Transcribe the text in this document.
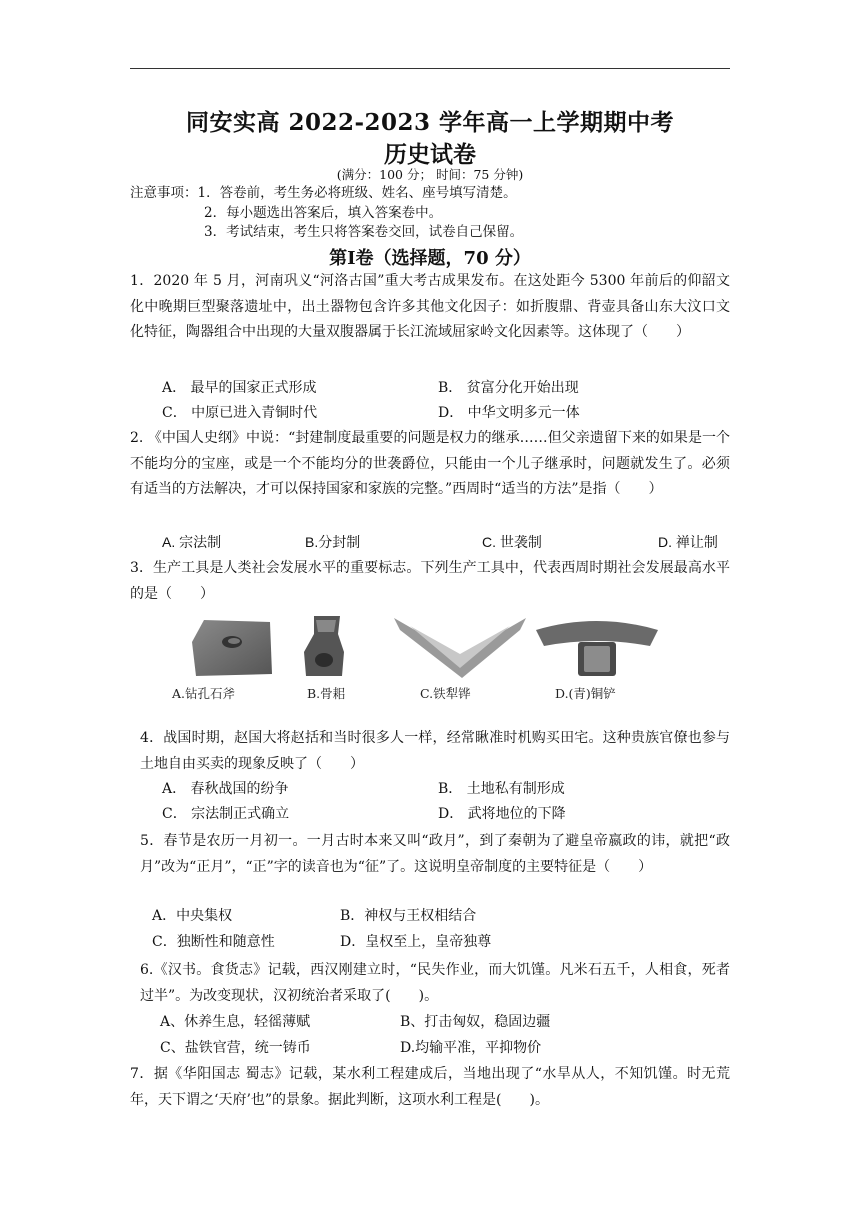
同安实高 2022-2023 学年高一上学期期中考
历史试卷
(满分：100 分； 时间：75 分钟)
注意事项：1．答卷前，考生务必将班级、姓名、座号填写清楚。
2．每小题选出答案后，填入答案卷中。
3．考试结束，考生只将答案卷交回，试卷自己保留。
第Ⅰ卷（选择题，70 分）
1．2020 年 5 月，河南巩义“河洛古国”重大考古成果发布。在这处距今 5300 年前后的仰韶文化中晚期巨型聚落遗址中，出土器物包含许多其他文化因子：如折腹鼎、背壶具备山东大汶口文化特征，陶器组合中出现的大量双腹器属于长江流域屈家岭文化因素等。这体现了（　　）
A． 最早的国家正式形成	B． 贫富分化开始出现
C． 中原已进入青铜时代	D． 中华文明多元一体
2. 《中国人史纲》中说：“封建制度最重要的问题是权力的继承……但父亲遗留下来的如果是一个不能均分的宝座，或是一个不能均分的世袭爵位，只能由一个儿子继承时，问题就发生了。必须有适当的方法解决，才可以保持国家和家族的完整。”西周时“适当的方法”是指（　　）
A. 宗法制	B.分封制	C. 世袭制	D. 禅让制
3．生产工具是人类社会发展水平的重要标志。下列生产工具中，代表西周时期社会发展最高水平的是（　　）
A.钻孔石斧	B.骨耜	C.铁犁铧	D.(青)铜铲
4．战国时期，赵国大将赵括和当时很多人一样，经常瞅准时机购买田宅。这种贵族官僚也参与土地自由买卖的现象反映了（　　）
A． 春秋战国的纷争	B． 土地私有制形成
C． 宗法制正式确立	D． 武将地位的下降
5．春节是农历一月初一。一月古时本来又叫“政月”，到了秦朝为了避皇帝嬴政的讳，就把“政月”改为“正月”，“正”字的读音也为“征”了。这说明皇帝制度的主要特征是（　　）
A．中央集权	B．神权与王权相结合
C．独断性和随意性	D．皇权至上，皇帝独尊
6.《汉书。食货志》记载，西汉刚建立时，“民失作业，而大饥馑。凡米石五千，人相食，死者过半”。为改变现状，汉初统治者采取了(　　)。
A、休养生息，轻徭薄赋	B、打击匈奴，稳固边疆
C、盐铁官营，统一铸币	D.均输平准，平抑物价
7．据《华阳国志 蜀志》记载，某水利工程建成后，当地出现了“水旱从人，不知饥馑。时无荒年，天下谓之‘天府’也”的景象。据此判断，这项水利工程是(　　)。
